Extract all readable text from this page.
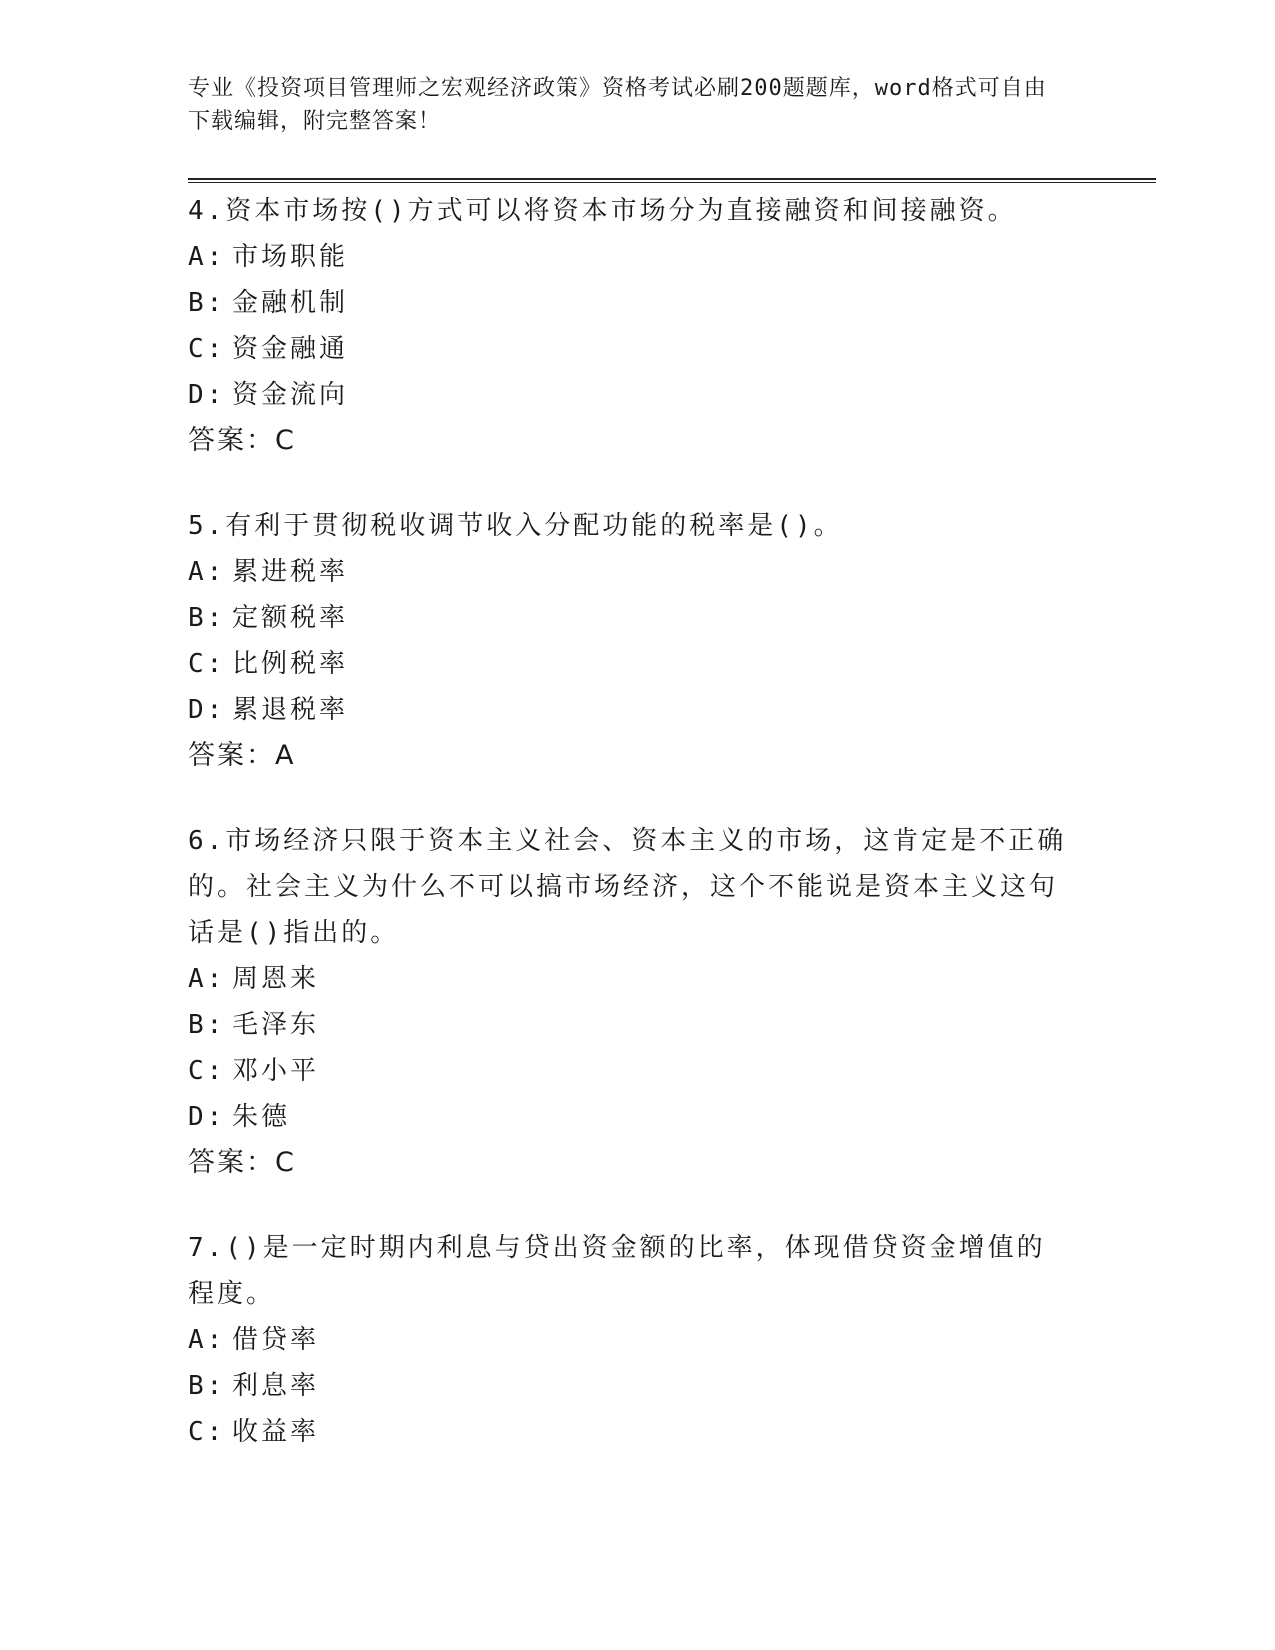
专业《投资项目管理师之宏观经济政策》资格考试必刷200题题库，word格式可自由下载编辑，附完整答案！

4.资本市场按()方式可以将资本市场分为直接融资和间接融资。

A: 市场职能

B: 金融机制

C: 资金融通

D: 资金流向

答案：C

5.有利于贯彻税收调节收入分配功能的税率是()。

A: 累进税率

B: 定额税率

C: 比例税率

D: 累退税率

答案：A

6.市场经济只限于资本主义社会、资本主义的市场，这肯定是不正确的。社会主义为什么不可以搞市场经济，这个不能说是资本主义这句话是()指出的。

A: 周恩来

B: 毛泽东

C: 邓小平

D: 朱德

答案：C

7.()是一定时期内利息与贷出资金额的比率，体现借贷资金增值的程度。

A: 借贷率

B: 利息率

C: 收益率
